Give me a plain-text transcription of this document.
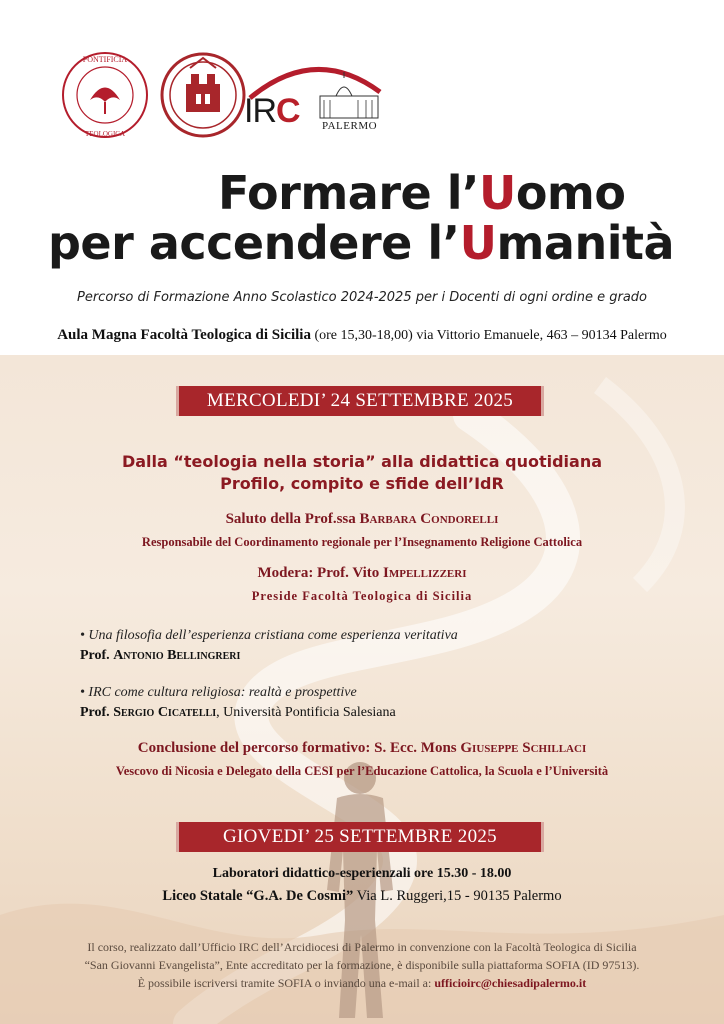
PONTIFICIA
TEOLOGICA
IRC PALERMO
Formare l’Uomo
per accendere l’Umanità
Percorso di Formazione Anno Scolastico 2024-2025 per i Docenti di ogni ordine e grado
Aula Magna Facoltà Teologica di Sicilia (ore 15,30-18,00) via Vittorio Emanuele, 463 – 90134 Palermo
MERCOLEDI’ 24 SETTEMBRE 2025
Dalla “teologia nella storia” alla didattica quotidiana
Profilo, compito e sfide dell’IdR
Saluto della Prof.ssa Barbara Condorelli
Responsabile del Coordinamento regionale per l’Insegnamento Religione Cattolica
Modera: Prof. Vito Impellizzeri
Preside Facoltà Teologica di Sicilia
• Una filosofia dell’esperienza cristiana come esperienza veritativa
Prof. Antonio Bellingreri
• IRC come cultura religiosa: realtà e prospettive
Prof. Sergio Cicatelli, Università Pontificia Salesiana
Conclusione del percorso formativo: S. Ecc. Mons Giuseppe Schillaci
Vescovo di Nicosia e Delegato della CESI per l’Educazione Cattolica, la Scuola e l’Università
GIOVEDI’ 25 SETTEMBRE 2025
Laboratori didattico-esperienzali ore 15.30 - 18.00
Liceo Statale “G.A. De Cosmi” Via L. Ruggeri,15 - 90135 Palermo
Il corso, realizzato dall’Ufficio IRC dell’Arcidiocesi di Palermo in convenzione con la Facoltà Teologica di Sicilia
“San Giovanni Evangelista”, Ente accreditato per la formazione, è disponibile sulla piattaforma SOFIA (ID 97513).
È possibile iscriversi tramite SOFIA o inviando una e-mail a: ufficioirc@chiesadipalermo.it
